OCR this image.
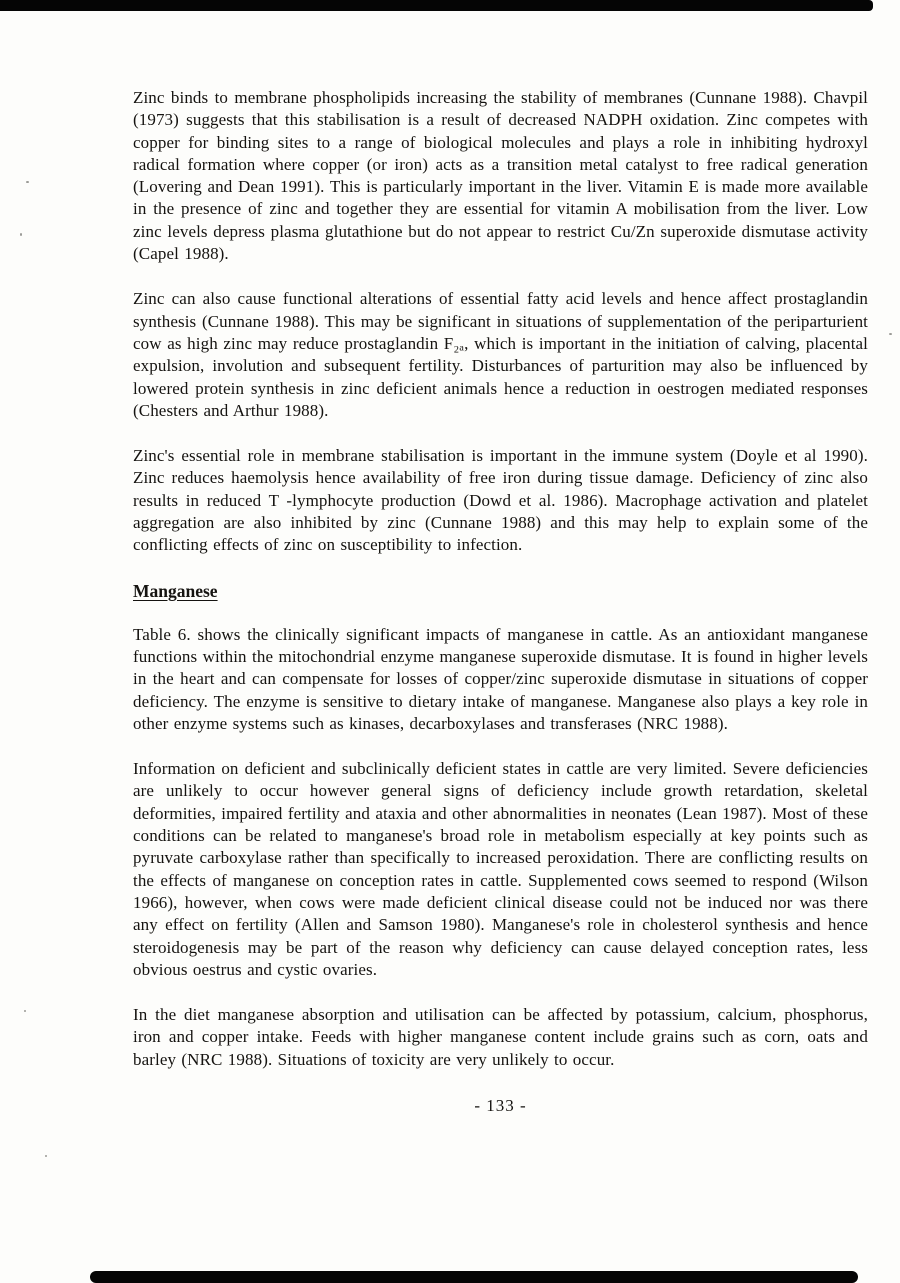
Zinc binds to membrane phospholipids increasing the stability of membranes (Cunnane 1988). Chavpil (1973) suggests that this stabilisation is a result of decreased NADPH oxidation. Zinc competes with copper for binding sites to a range of biological molecules and plays a role in inhibiting hydroxyl radical formation where copper (or iron) acts as a transition metal catalyst to free radical generation (Lovering and Dean 1991). This is particularly important in the liver. Vitamin E is made more available in the presence of zinc and together they are essential for vitamin A mobilisation from the liver. Low zinc levels depress plasma glutathione but do not appear to restrict Cu/Zn superoxide dismutase activity (Capel 1988).

Zinc can also cause functional alterations of essential fatty acid levels and hence affect prostaglandin synthesis (Cunnane 1988). This may be significant in situations of supplementation of the periparturient cow as high zinc may reduce prostaglandin F₂ₐ, which is important in the initiation of calving, placental expulsion, involution and subsequent fertility. Disturbances of parturition may also be influenced by lowered protein synthesis in zinc deficient animals hence a reduction in oestrogen mediated responses (Chesters and Arthur 1988).

Zinc's essential role in membrane stabilisation is important in the immune system (Doyle et al 1990). Zinc reduces haemolysis hence availability of free iron during tissue damage. Deficiency of zinc also results in reduced T -lymphocyte production (Dowd et al. 1986). Macrophage activation and platelet aggregation are also inhibited by zinc (Cunnane 1988) and this may help to explain some of the conflicting effects of zinc on susceptibility to infection.

Manganese

Table 6. shows the clinically significant impacts of manganese in cattle. As an antioxidant manganese functions within the mitochondrial enzyme manganese superoxide dismutase. It is found in higher levels in the heart and can compensate for losses of copper/zinc superoxide dismutase in situations of copper deficiency. The enzyme is sensitive to dietary intake of manganese. Manganese also plays a key role in other enzyme systems such as kinases, decarboxylases and transferases (NRC 1988).

Information on deficient and subclinically deficient states in cattle are very limited. Severe deficiencies are unlikely to occur however general signs of deficiency include growth retardation, skeletal deformities, impaired fertility and ataxia and other abnormalities in neonates (Lean 1987). Most of these conditions can be related to manganese's broad role in metabolism especially at key points such as pyruvate carboxylase rather than specifically to increased peroxidation. There are conflicting results on the effects of manganese on conception rates in cattle. Supplemented cows seemed to respond (Wilson 1966), however, when cows were made deficient clinical disease could not be induced nor was there any effect on fertility (Allen and Samson 1980). Manganese's role in cholesterol synthesis and hence steroidogenesis may be part of the reason why deficiency can cause delayed conception rates, less obvious oestrus and cystic ovaries.

In the diet manganese absorption and utilisation can be affected by potassium, calcium, phosphorus, iron and copper intake. Feeds with higher manganese content include grains such as corn, oats and barley (NRC 1988). Situations of toxicity are very unlikely to occur.

- 133 -
